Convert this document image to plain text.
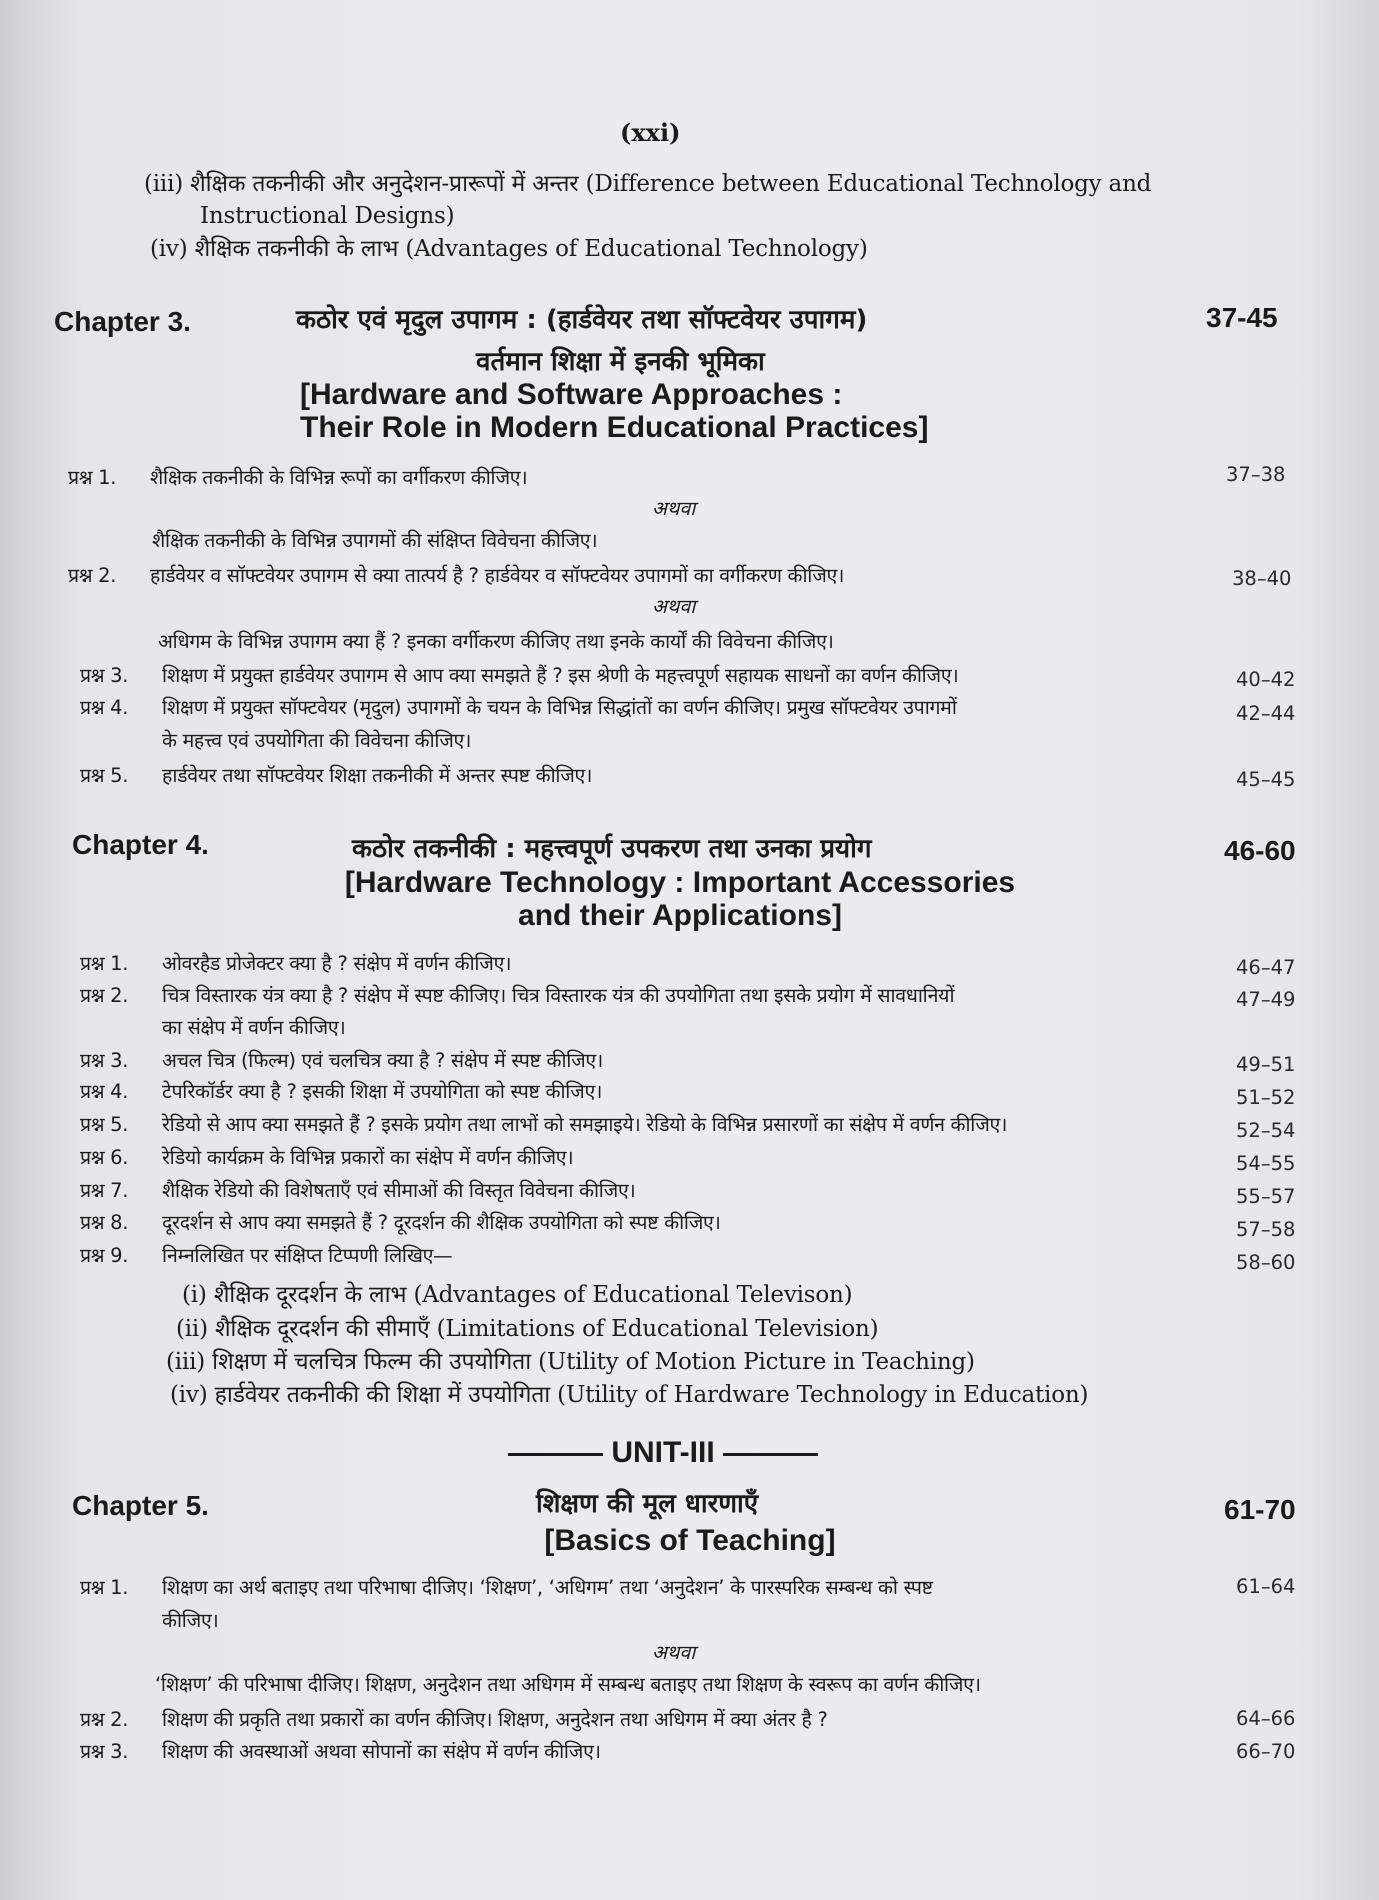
(xxi)
(iii) शैक्षिक तकनीकी और अनुदेशन-प्रारूपों में अन्तर (Difference between Educational Technology and
Instructional Designs)
(iv) शैक्षिक तकनीकी के लाभ (Advantages of Educational Technology)
Chapter 3.	37-45
कठोर एवं मृदुल उपागम : (हार्डवेयर तथा सॉफ्टवेयर उपागम)
वर्तमान शिक्षा में इनकी भूमिका
[Hardware and Software Approaches :
Their Role in Modern Educational Practices]
प्रश्न 1. शैक्षिक तकनीकी के विभिन्न रूपों का वर्गीकरण कीजिए।	37–38
अथवा
शैक्षिक तकनीकी के विभिन्न उपागमों की संक्षिप्त विवेचना कीजिए।
प्रश्न 2. हार्डवेयर व सॉफ्टवेयर उपागम से क्या तात्पर्य है ? हार्डवेयर व सॉफ्टवेयर उपागमों का वर्गीकरण कीजिए।	38–40
अथवा
अधिगम के विभिन्न उपागम क्या हैं ? इनका वर्गीकरण कीजिए तथा इनके कार्यों की विवेचना कीजिए।
प्रश्न 3. शिक्षण में प्रयुक्त हार्डवेयर उपागम से आप क्या समझते हैं ? इस श्रेणी के महत्त्वपूर्ण सहायक साधनों का वर्णन कीजिए।	40–42
प्रश्न 4. शिक्षण में प्रयुक्त सॉफ्टवेयर (मृदुल) उपागमों के चयन के विभिन्न सिद्धांतों का वर्णन कीजिए। प्रमुख सॉफ्टवेयर उपागमों
के महत्त्व एवं उपयोगिता की विवेचना कीजिए।
42–44
प्रश्न 5. हार्डवेयर तथा सॉफ्टवेयर शिक्षा तकनीकी में अन्तर स्पष्ट कीजिए।	45–45
Chapter 4.	46-60
कठोर तकनीकी : महत्त्वपूर्ण उपकरण तथा उनका प्रयोग
[Hardware Technology : Important Accessories
and their Applications]
प्रश्न 1. ओवरहैड प्रोजेक्टर क्या है ? संक्षेप में वर्णन कीजिए।	46–47
प्रश्न 2. चित्र विस्तारक यंत्र क्या है ? संक्षेप में स्पष्ट कीजिए। चित्र विस्तारक यंत्र की उपयोगिता तथा इसके प्रयोग में सावधानियों
का संक्षेप में वर्णन कीजिए।
47–49
प्रश्न 3. अचल चित्र (फिल्म) एवं चलचित्र क्या है ? संक्षेप में स्पष्ट कीजिए।	49–51
प्रश्न 4. टेपरिकॉर्डर क्या है ? इसकी शिक्षा में उपयोगिता को स्पष्ट कीजिए।	51–52
प्रश्न 5. रेडियो से आप क्या समझते हैं ? इसके प्रयोग तथा लाभों को समझाइये। रेडियो के विभिन्न प्रसारणों का संक्षेप में वर्णन कीजिए।	52–54
प्रश्न 6. रेडियो कार्यक्रम के विभिन्न प्रकारों का संक्षेप में वर्णन कीजिए।	54–55
प्रश्न 7. शैक्षिक रेडियो की विशेषताएँ एवं सीमाओं की विस्तृत विवेचना कीजिए।	55–57
प्रश्न 8. दूरदर्शन से आप क्या समझते हैं ? दूरदर्शन की शैक्षिक उपयोगिता को स्पष्ट कीजिए।	57–58
प्रश्न 9. निम्नलिखित पर संक्षिप्त टिप्पणी लिखिए—	58–60
(i) शैक्षिक दूरदर्शन के लाभ (Advantages of Educational Televison)
(ii) शैक्षिक दूरदर्शन की सीमाएँ (Limitations of Educational Television)
(iii) शिक्षण में चलचित्र फिल्म की उपयोगिता (Utility of Motion Picture in Teaching)
(iv) हार्डवेयर तकनीकी की शिक्षा में उपयोगिता (Utility of Hardware Technology in Education)
UNIT-III
Chapter 5.	61-70
शिक्षण की मूल धारणाएँ
[Basics of Teaching]
प्रश्न 1. शिक्षण का अर्थ बताइए तथा परिभाषा दीजिए। ‘शिक्षण’, ‘अधिगम’ तथा ‘अनुदेशन’ के पारस्परिक सम्बन्ध को स्पष्ट
कीजिए।
61–64
अथवा
‘शिक्षण’ की परिभाषा दीजिए। शिक्षण, अनुदेशन तथा अधिगम में सम्बन्ध बताइए तथा शिक्षण के स्वरूप का वर्णन कीजिए।
प्रश्न 2. शिक्षण की प्रकृति तथा प्रकारों का वर्णन कीजिए। शिक्षण, अनुदेशन तथा अधिगम में क्या अंतर है ?	64–66
प्रश्न 3. शिक्षण की अवस्थाओं अथवा सोपानों का संक्षेप में वर्णन कीजिए।	66–70
